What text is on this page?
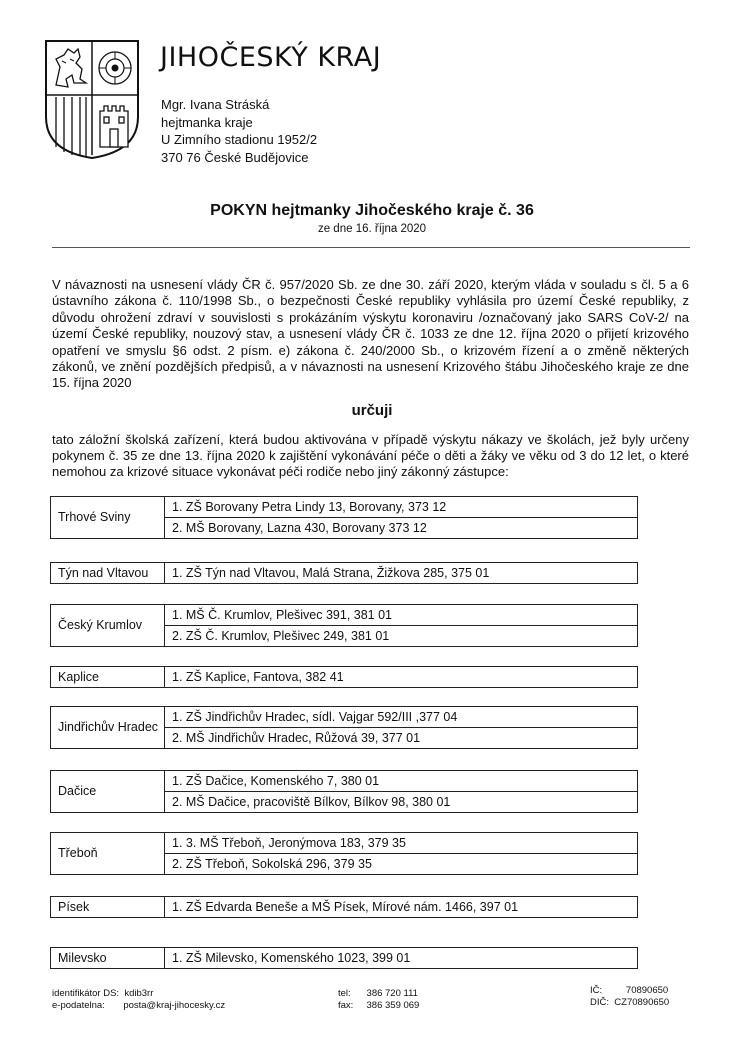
JIHOČESKÝ KRAJ
Mgr. Ivana Stráská
hejtmanka kraje
U Zimního stadionu 1952/2
370 76 České Budějovice
POKYN hejtmanky Jihočeského kraje č. 36
ze dne 16. října 2020
V návaznosti na usnesení vlády ČR č. 957/2020 Sb. ze dne 30. září 2020, kterým vláda v souladu s čl. 5 a 6 ústavního zákona č. 110/1998 Sb., o bezpečnosti České republiky vyhlásila pro území České republiky, z důvodu ohrožení zdraví v souvislosti s prokázáním výskytu koronaviru /označovaný jako SARS CoV-2/ na území České republiky, nouzový stav, a usnesení vlády ČR č. 1033 ze dne 12. října 2020 o přijetí krizového opatření ve smyslu §6 odst. 2 písm. e) zákona č. 240/2000 Sb., o krizovém řízení a o změně některých zákonů, ve znění pozdějších předpisů, a v návaznosti na usnesení Krizového štábu Jihočeského kraje ze dne 15. října 2020
určuji
tato záložní školská zařízení, která budou aktivována v případě výskytu nákazy ve školách, jež byly určeny pokynem č. 35 ze dne 13. října 2020 k zajištění vykonávání péče o děti a žáky ve věku od 3 do 12 let, o které nemohou za krizové situace vykonávat péči rodiče nebo jiný zákonný zástupce:
Trhové Sviny
1. ZŠ Borovany Petra Lindy 13, Borovany, 373 12
2. MŠ Borovany, Lazna 430, Borovany 373 12
Týn nad Vltavou	1. ZŠ Týn nad Vltavou, Malá Strana, Žižkova 285, 375 01
Český Krumlov
1. MŠ Č. Krumlov, Plešivec 391, 381 01
2. ZŠ Č. Krumlov, Plešivec 249, 381 01
Kaplice	1. ZŠ Kaplice, Fantova, 382 41
Jindřichův Hradec
1. ZŠ Jindřichův Hradec, sídl. Vajgar 592/III ,377 04
2. MŠ Jindřichův Hradec, Růžová 39, 377 01
Dačice
1. ZŠ Dačice, Komenského 7, 380 01
2. MŠ Dačice, pracoviště Bílkov, Bílkov 98, 380 01
Třeboň
1. 3. MŠ Třeboň, Jeronýmova 183, 379 35
2. ZŠ Třeboň, Sokolská 296, 379 35
Písek	1. ZŠ Edvarda Beneše a MŠ Písek, Mírové nám. 1466, 397 01
Milevsko	1. ZŠ Milevsko, Komenského 1023, 399 01
identifikátor DS: kdib3rr
e-podatelna: posta@kraj-jihocesky.cz
tel: 386 720 111
fax: 386 359 069
IČ:	70890650
DIČ: CZ70890650
